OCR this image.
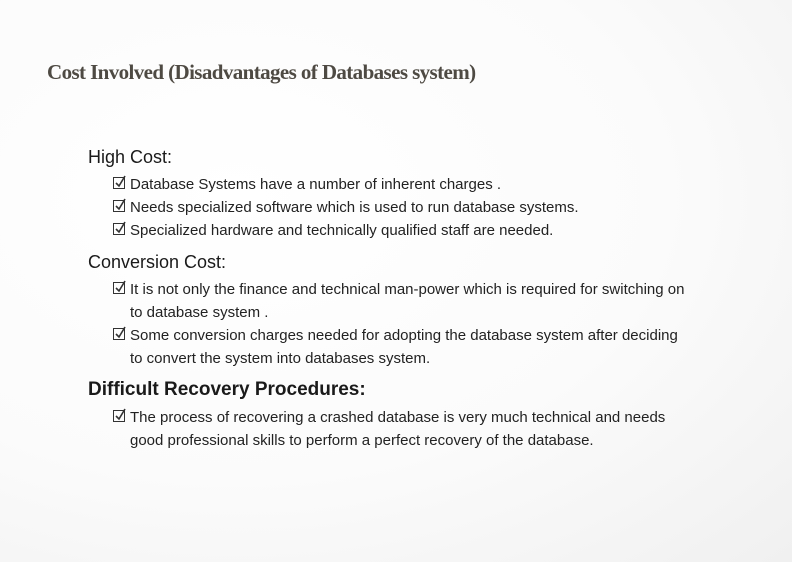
Cost Involved (Disadvantages of Databases system)
High Cost:
Database Systems have a number of inherent charges .
Needs specialized software which is used to run database systems.
Specialized hardware and technically qualified staff are needed.
Conversion Cost:
It is not only the finance and technical man-power which is required for switching on to database system .
Some conversion charges needed for adopting the database system after deciding to convert the system into databases system.
Difficult Recovery Procedures:
The process of recovering a crashed database is very much technical and needs good professional skills to perform a perfect recovery of the database.
